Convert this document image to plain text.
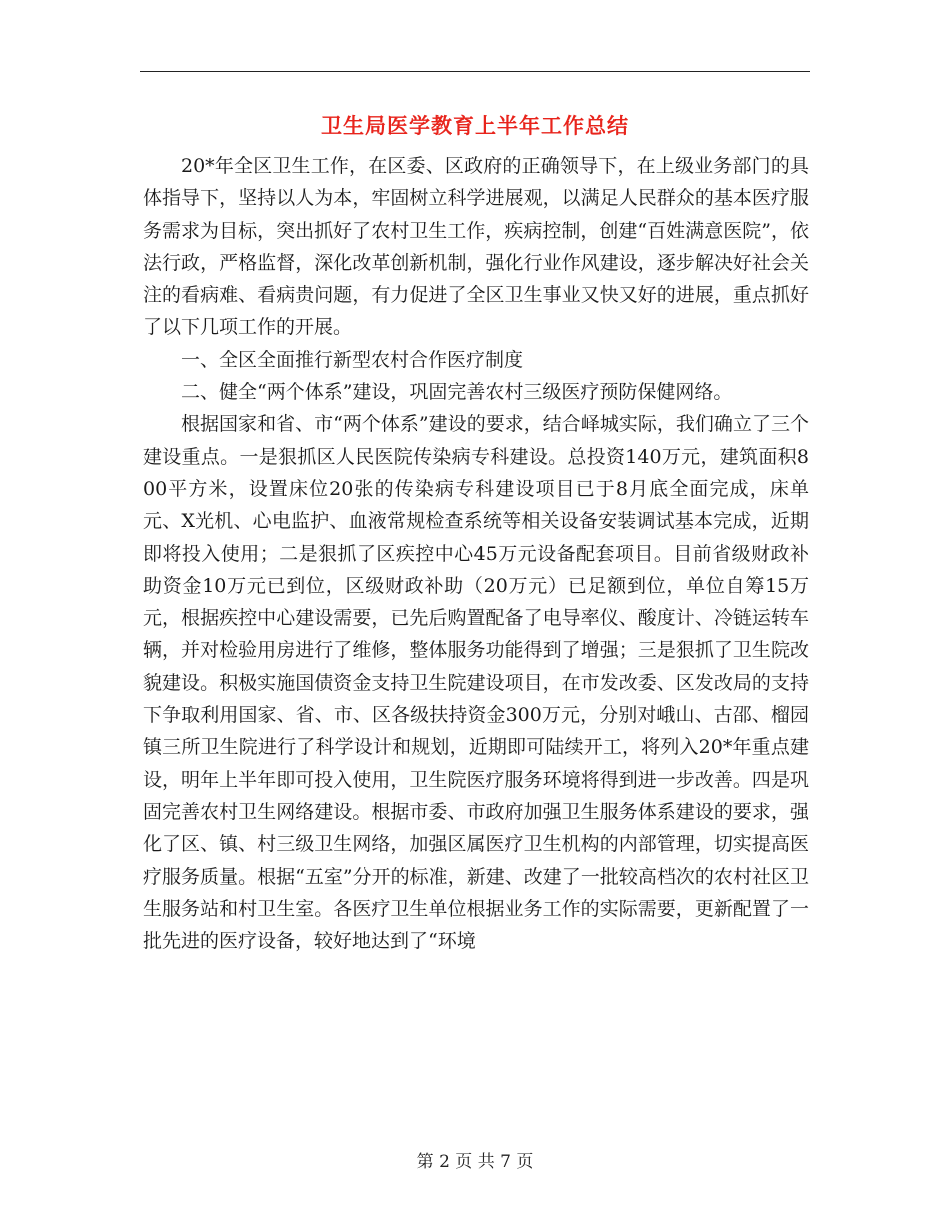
卫生局医学教育上半年工作总结

20*年全区卫生工作，在区委、区政府的正确领导下，在上级业务部门的具体指导下，坚持以人为本，牢固树立科学进展观，以满足人民群众的基本医疗服务需求为目标，突出抓好了农村卫生工作，疾病控制，创建“百姓满意医院”，依法行政，严格监督，深化改革创新机制，强化行业作风建设，逐步解决好社会关注的看病难、看病贵问题，有力促进了全区卫生事业又快又好的进展，重点抓好了以下几项工作的开展。

一、全区全面推行新型农村合作医疗制度

二、健全“两个体系”建设，巩固完善农村三级医疗预防保健网络。

根据国家和省、市“两个体系”建设的要求，结合峄城实际，我们确立了三个建设重点。一是狠抓区人民医院传染病专科建设。总投资140万元，建筑面积800平方米，设置床位20张的传染病专科建设项目已于8月底全面完成，床单元、X光机、心电监护、血液常规检查系统等相关设备安装调试基本完成，近期即将投入使用；二是狠抓了区疾控中心45万元设备配套项目。目前省级财政补助资金10万元已到位，区级财政补助（20万元）已足额到位，单位自筹15万元，根据疾控中心建设需要，已先后购置配备了电导率仪、酸度计、冷链运转车辆，并对检验用房进行了维修，整体服务功能得到了增强；三是狠抓了卫生院改貌建设。积极实施国债资金支持卫生院建设项目，在市发改委、区发改局的支持下争取利用国家、省、市、区各级扶持资金300万元，分别对峨山、古邵、榴园镇三所卫生院进行了科学设计和规划，近期即可陆续开工，将列入20*年重点建设，明年上半年即可投入使用，卫生院医疗服务环境将得到进一步改善。四是巩固完善农村卫生网络建设。根据市委、市政府加强卫生服务体系建设的要求，强化了区、镇、村三级卫生网络，加强区属医疗卫生机构的内部管理，切实提高医疗服务质量。根据“五室”分开的标准，新建、改建了一批较高档次的农村社区卫生服务站和村卫生室。各医疗卫生单位根据业务工作的实际需要，更新配置了一批先进的医疗设备，较好地达到了“环境

第 2 页 共 7 页
